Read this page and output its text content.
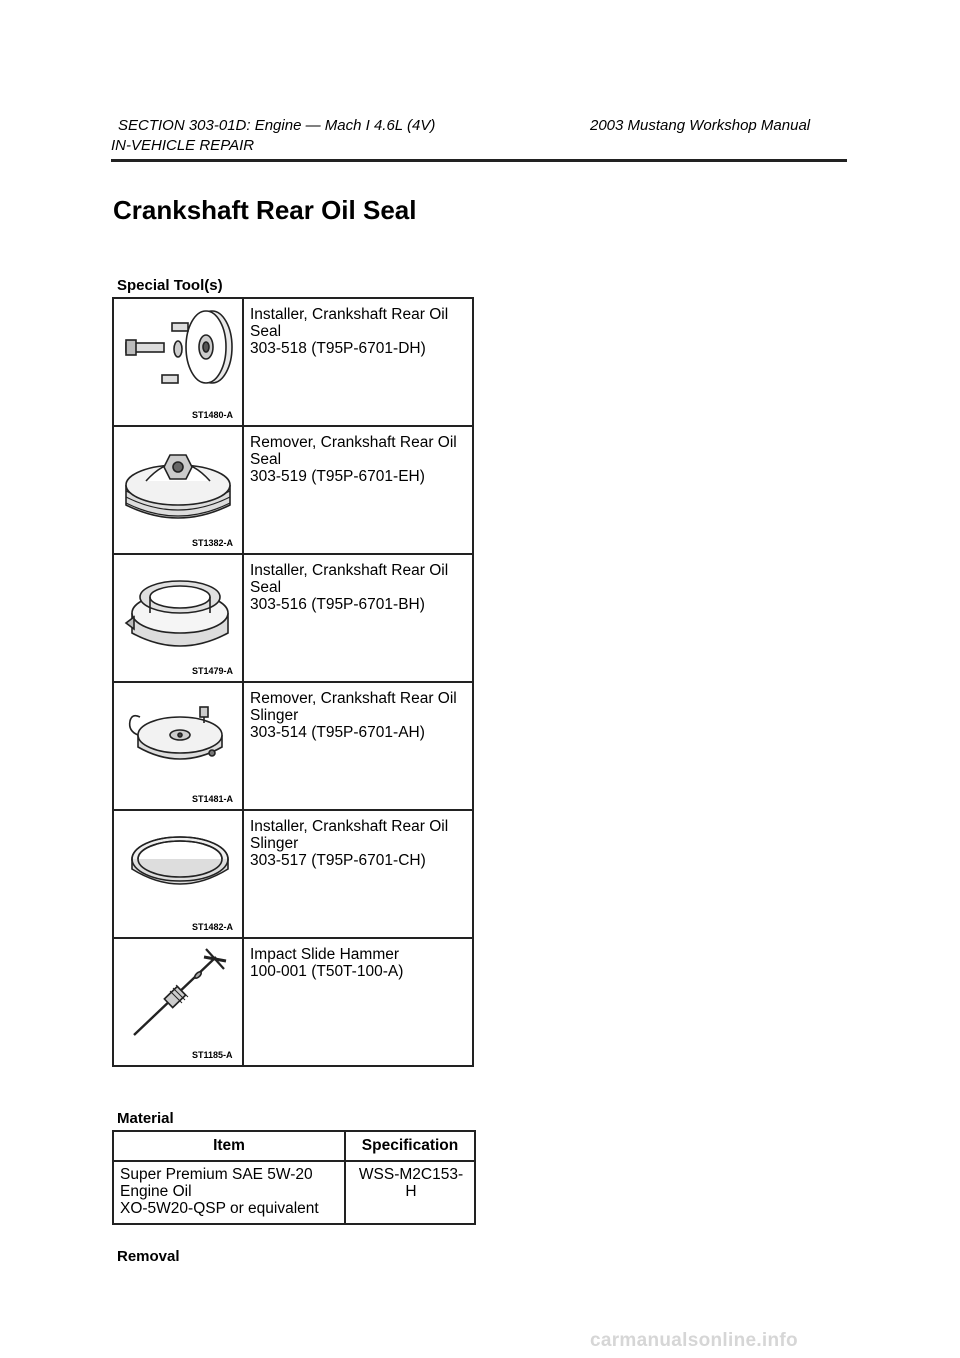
SECTION 303-01D: Engine — Mach I 4.6L (4V)	2003 Mustang Workshop Manual
IN-VEHICLE REPAIR
Crankshaft Rear Oil Seal
Special Tool(s)
ST1480-A	Installer, Crankshaft Rear Oil
Seal
303-518 (T95P-6701-DH)

ST1382-A	Remover, Crankshaft Rear Oil
Seal
303-519 (T95P-6701-EH)

ST1479-A	Installer, Crankshaft Rear Oil
Seal
303-516 (T95P-6701-BH)

ST1481-A	Remover, Crankshaft Rear Oil
Slinger
303-514 (T95P-6701-AH)

ST1482-A	Installer, Crankshaft Rear Oil
Slinger
303-517 (T95P-6701-CH)

ST1185-A	Impact Slide Hammer
100-001 (T50T-100-A)
Material
Item	Specification

Super Premium SAE 5W-20
Engine Oil
XO-5W20-QSP or equivalent	WSS-M2C153-
H
Removal
carmanualsonline.info
